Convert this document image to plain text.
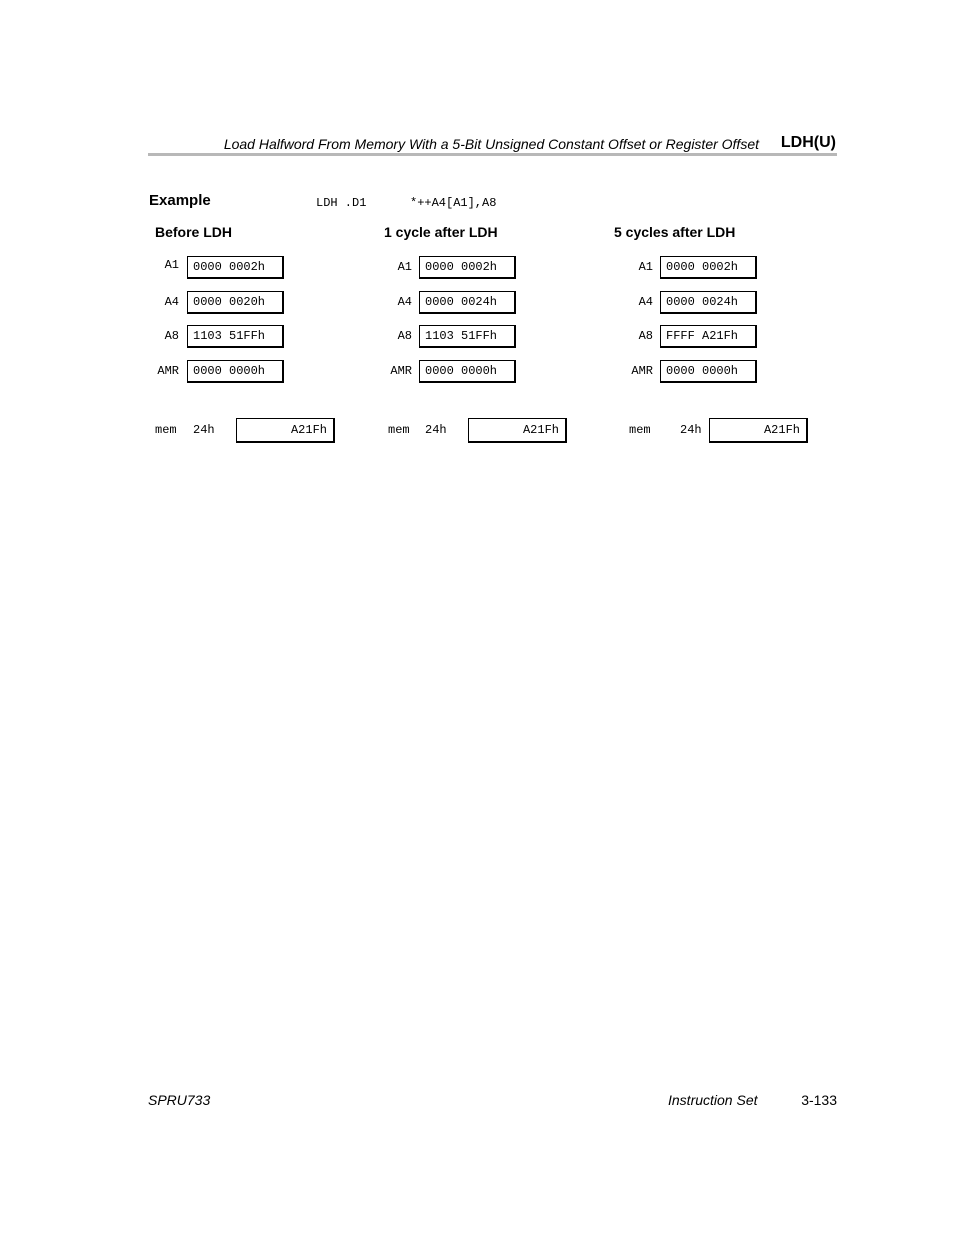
Load Halfword From Memory With a 5-Bit Unsigned Constant Offset or Register Offset LDH(U)
Example	LDH .D1	*++A4[A1],A8
Before LDH
A1	0000 0002h
A4	0000 0020h
A8	1103 51FFh
AMR	0000 0000h
mem 24h	A21Fh
1 cycle after LDH
A1	0000 0002h
A4	0000 0024h
A8	1103 51FFh
AMR	0000 0000h
mem 24h	A21Fh
5 cycles after LDH
A1	0000 0002h
A4	0000 0024h
A8	FFFF A21Fh
AMR	0000 0000h
mem 24h	A21Fh
SPRU733	Instruction Set	3-133
